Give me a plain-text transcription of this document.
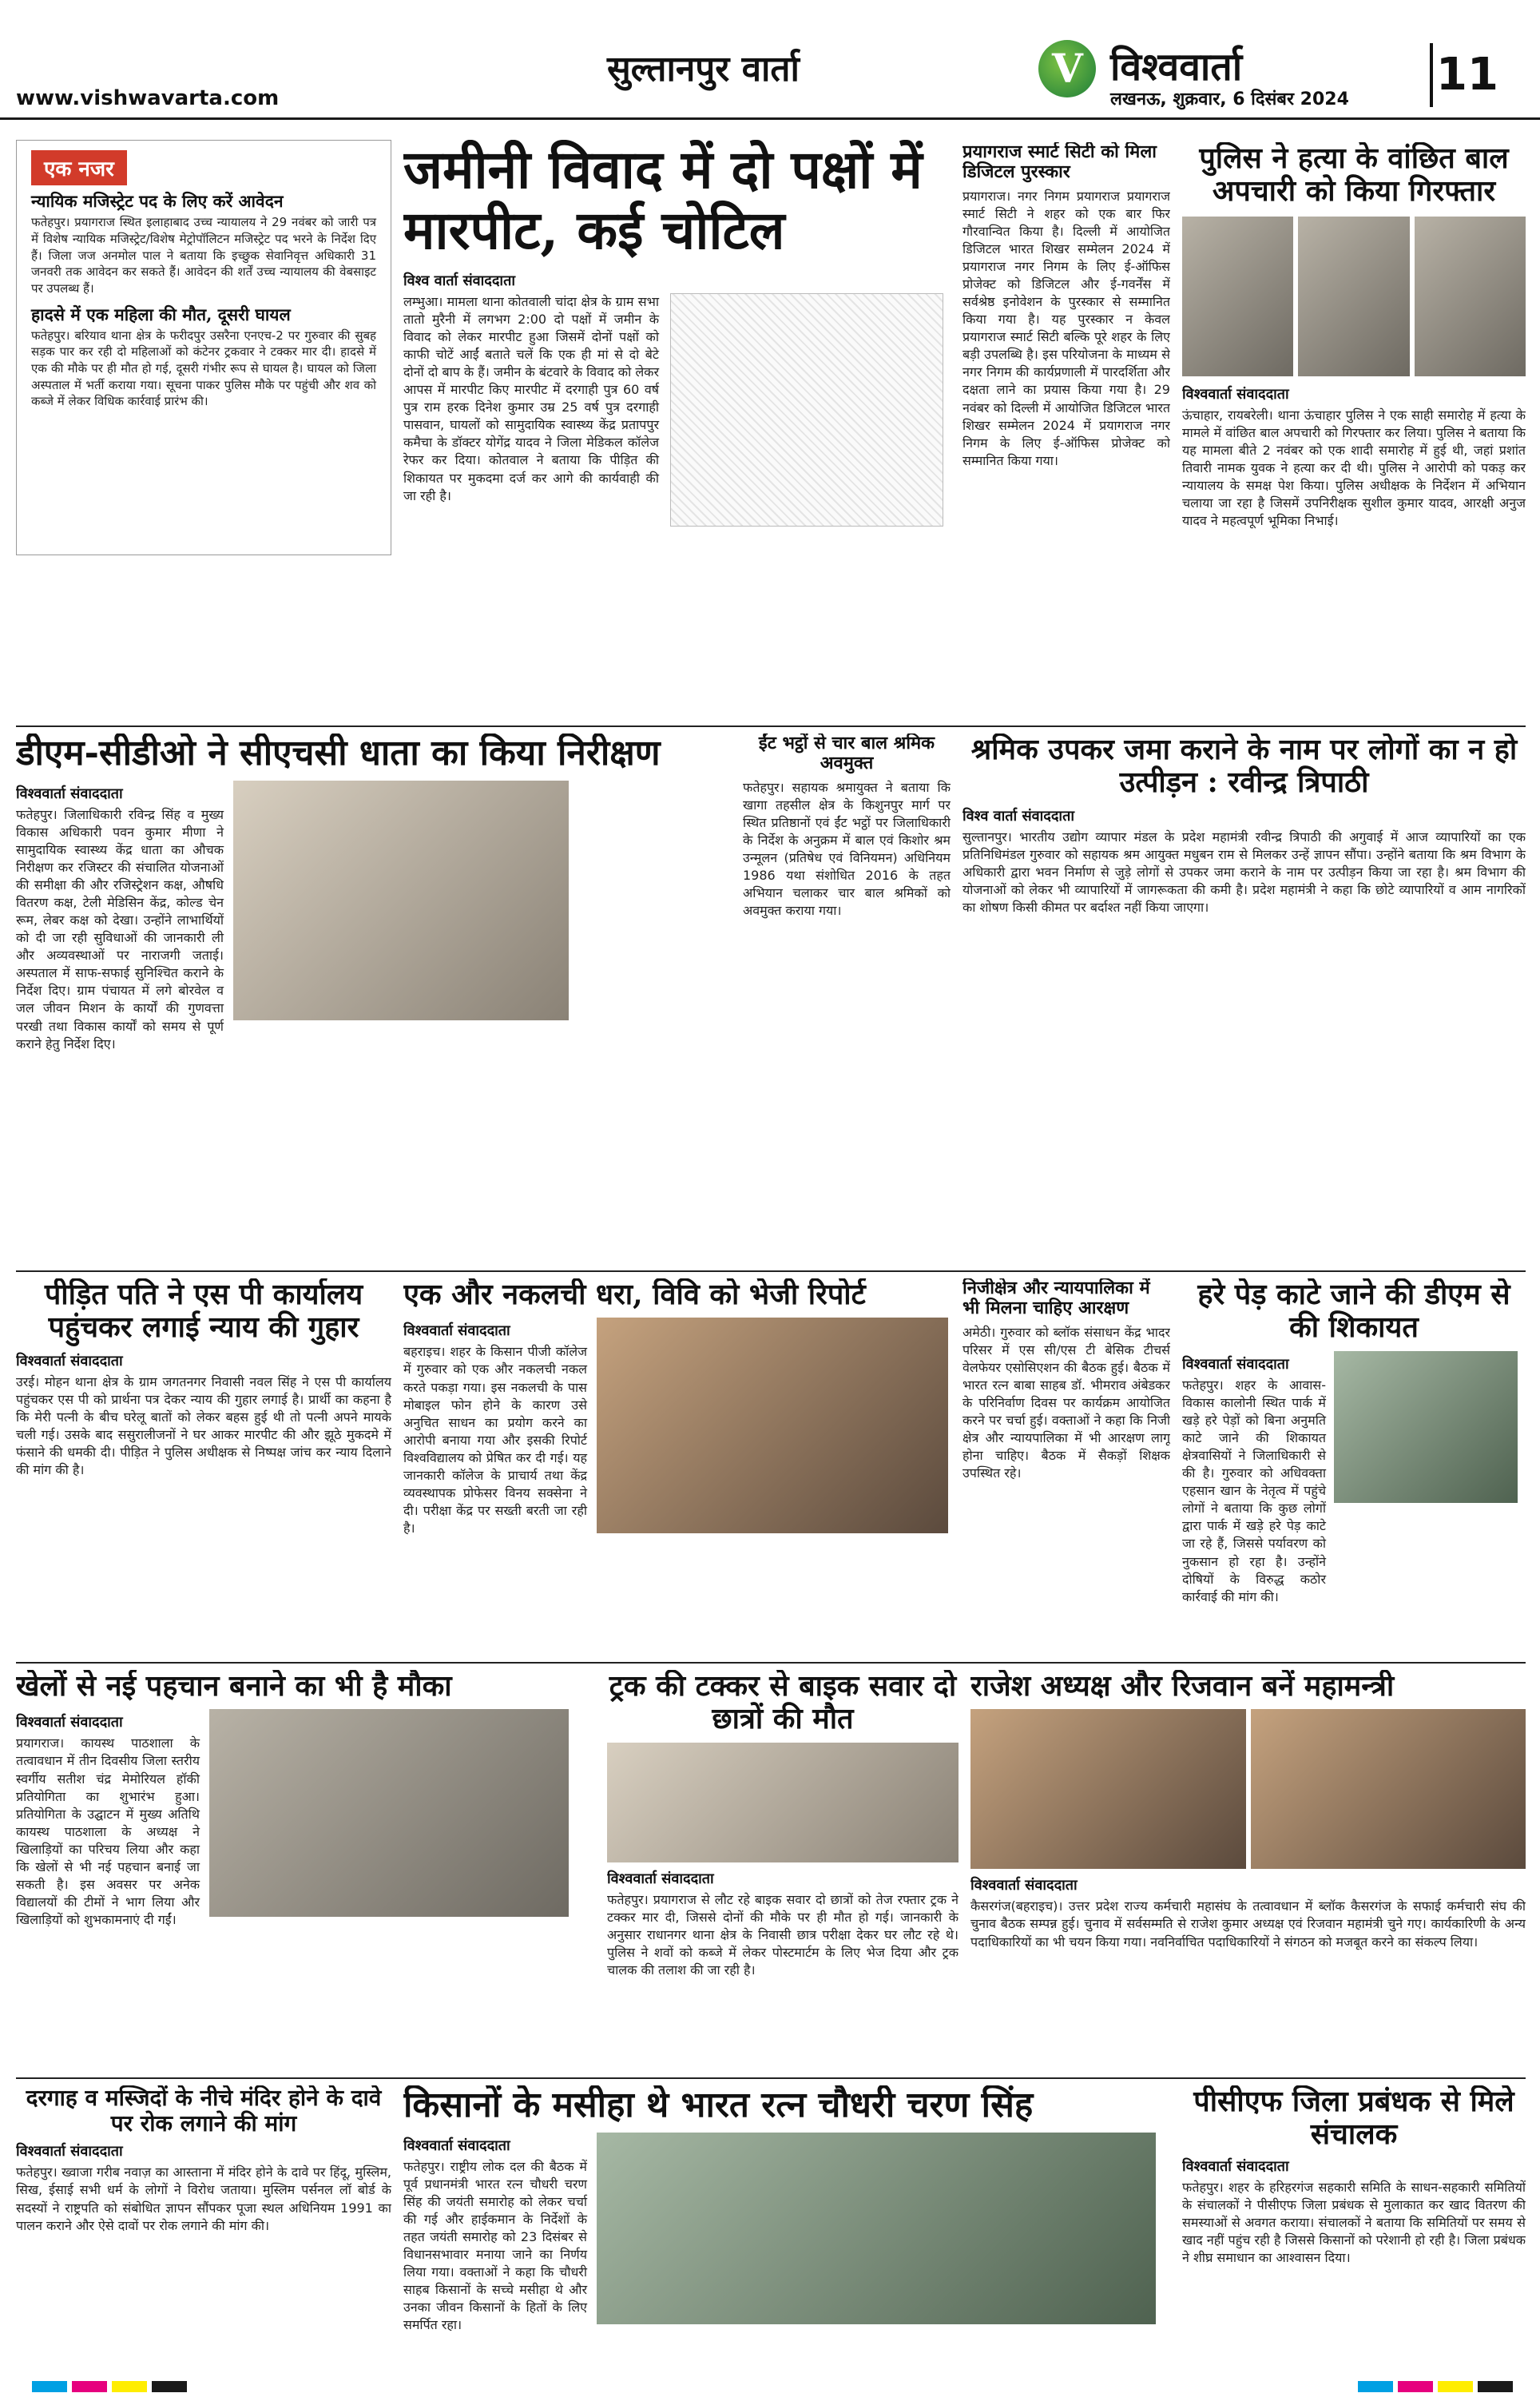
सुल्तानपुर वार्ता
www.vishwavarta.com
V विश्ववार्ता
लखनऊ, शुक्रवार, 6 दिसंबर 2024 11
एक नजर
न्यायिक मजिस्ट्रेट पद के लिए करें आवेदन
फतेहपुर। प्रयागराज स्थित इलाहाबाद उच्च न्यायालय ने 29 नवंबर को जारी पत्र में विशेष न्यायिक मजिस्ट्रेट/विशेष मेट्रोपॉलिटन मजिस्ट्रेट पद भरने के निर्देश दिए हैं। जिला जज अनमोल पाल ने बताया कि इच्छुक सेवानिवृत्त अधिकारी 31 जनवरी तक आवेदन कर सकते हैं। आवेदन की शर्तें उच्च न्यायालय की वेबसाइट पर उपलब्ध हैं।
हादसे में एक महिला की मौत, दूसरी घायल
फतेहपुर। बरियाव थाना क्षेत्र के फरीदपुर उसरैना एनएच-2 पर गुरुवार की सुबह सड़क पार कर रही दो महिलाओं को कंटेनर ट्रकवार ने टक्कर मार दी। हादसे में एक की मौके पर ही मौत हो गई, दूसरी गंभीर रूप से घायल है। घायल को जिला अस्पताल में भर्ती कराया गया। सूचना पाकर पुलिस मौके पर पहुंची और शव को कब्जे में लेकर विधिक कार्रवाई प्रारंभ की।
जमीनी विवाद में दो पक्षों में मारपीट, कई चोटिल
विश्व वार्ता संवाददाता
लम्भुआ। मामला थाना कोतवाली चांदा क्षेत्र के ग्राम सभा तातो मुरैनी में लगभग 2:00 दो पक्षों में जमीन के विवाद को लेकर मारपीट हुआ जिसमें दोनों पक्षों को काफी चोटें आईं बताते चलें कि एक ही मां से दो बेटे दोनों दो बाप के हैं। जमीन के बंटवारे के विवाद को लेकर आपस में मारपीट किए मारपीट में दरगाही पुत्र 60 वर्ष पुत्र राम हरक दिनेश कुमार उम्र 25 वर्ष पुत्र दरगाही पासवान, घायलों को सामुदायिक स्वास्थ्य केंद्र प्रतापपुर कमैचा के डॉक्टर योगेंद्र यादव ने जिला मेडिकल कॉलेज रेफर कर दिया। कोतवाल ने बताया कि पीड़ित की शिकायत पर मुकदमा दर्ज कर आगे की कार्यवाही की जा रही है।
प्रयागराज स्मार्ट सिटी को मिला डिजिटल पुरस्कार
प्रयागराज। नगर निगम प्रयागराज प्रयागराज स्मार्ट सिटी ने शहर को एक बार फिर गौरवान्वित किया है। दिल्ली में आयोजित डिजिटल भारत शिखर सम्मेलन 2024 में प्रयागराज नगर निगम के लिए ई-ऑफिस प्रोजेक्ट को डिजिटल और ई-गवर्नेंस में सर्वश्रेष्ठ इनोवेशन के पुरस्कार से सम्मानित किया गया है। यह पुरस्कार न केवल प्रयागराज स्मार्ट सिटी बल्कि पूरे शहर के लिए बड़ी उपलब्धि है। इस परियोजना के माध्यम से नगर निगम की कार्यप्रणाली में पारदर्शिता और दक्षता लाने का प्रयास किया गया है। 29 नवंबर को दिल्ली में आयोजित डिजिटल भारत शिखर सम्मेलन 2024 में प्रयागराज नगर निगम के लिए ई-ऑफिस प्रोजेक्ट को सम्मानित किया गया।
पुलिस ने हत्या के वांछित बाल अपचारी को किया गिरफ्तार
विश्ववार्ता संवाददाता
ऊंचाहार, रायबरेली। थाना ऊंचाहार पुलिस ने एक साही समारोह में हत्या के मामले में वांछित बाल अपचारी को गिरफ्तार कर लिया। पुलिस ने बताया कि यह मामला बीते 2 नवंबर को एक शादी समारोह में हुई थी, जहां प्रशांत तिवारी नामक युवक ने हत्या कर दी थी। पुलिस ने आरोपी को पकड़ कर न्यायालय के समक्ष पेश किया। पुलिस अधीक्षक के निर्देशन में अभियान चलाया जा रहा है जिसमें उपनिरीक्षक सुशील कुमार यादव, आरक्षी अनुज यादव ने महत्वपूर्ण भूमिका निभाई।
डीएम-सीडीओ ने सीएचसी धाता का किया निरीक्षण
विश्ववार्ता संवाददाता
फतेहपुर। जिलाधिकारी रविन्द्र सिंह व मुख्य विकास अधिकारी पवन कुमार मीणा ने सामुदायिक स्वास्थ्य केंद्र धाता का औचक निरीक्षण कर रजिस्टर की संचालित योजनाओं की समीक्षा की और रजिस्ट्रेशन कक्ष, औषधि वितरण कक्ष, टेली मेडिसिन केंद्र, कोल्ड चेन रूम, लेबर कक्ष को देखा। उन्होंने लाभार्थियों को दी जा रही सुविधाओं की जानकारी ली और अव्यवस्थाओं पर नाराजगी जताई। अस्पताल में साफ-सफाई सुनिश्चित कराने के निर्देश दिए। ग्राम पंचायत में लगे बोरवेल व जल जीवन मिशन के कार्यों की गुणवत्ता परखी तथा विकास कार्यों को समय से पूर्ण कराने हेतु निर्देश दिए।
ईंट भट्ठों से चार बाल श्रमिक अवमुक्त
फतेहपुर। सहायक श्रमायुक्त ने बताया कि खागा तहसील क्षेत्र के किशुनपुर मार्ग पर स्थित प्रतिष्ठानों एवं ईंट भट्ठों पर जिलाधिकारी के निर्देश के अनुक्रम में बाल एवं किशोर श्रम उन्मूलन (प्रतिषेध एवं विनियमन) अधिनियम 1986 यथा संशोधित 2016 के तहत अभियान चलाकर चार बाल श्रमिकों को अवमुक्त कराया गया।
श्रमिक उपकर जमा कराने के नाम पर लोगों का न हो उत्पीड़न : रवीन्द्र त्रिपाठी
विश्व वार्ता संवाददाता
सुल्तानपुर। भारतीय उद्योग व्यापार मंडल के प्रदेश महामंत्री रवीन्द्र त्रिपाठी की अगुवाई में आज व्यापारियों का एक प्रतिनिधिमंडल गुरुवार को सहायक श्रम आयुक्त मधुबन राम से मिलकर उन्हें ज्ञापन सौंपा। उन्होंने बताया कि श्रम विभाग के अधिकारी द्वारा भवन निर्माण से जुड़े लोगों से उपकर जमा कराने के नाम पर उत्पीड़न किया जा रहा है। श्रम विभाग की योजनाओं को लेकर भी व्यापारियों में जागरूकता की कमी है। प्रदेश महामंत्री ने कहा कि छोटे व्यापारियों व आम नागरिकों का शोषण किसी कीमत पर बर्दाश्त नहीं किया जाएगा।
पीड़ित पति ने एस पी कार्यालय पहुंचकर लगाई न्याय की गुहार
विश्ववार्ता संवाददाता
उरई। मोहन थाना क्षेत्र के ग्राम जगतनगर निवासी नवल सिंह ने एस पी कार्यालय पहुंचकर एस पी को प्रार्थना पत्र देकर न्याय की गुहार लगाई है। प्रार्थी का कहना है कि मेरी पत्नी के बीच घरेलू बातों को लेकर बहस हुई थी तो पत्नी अपने मायके चली गई। उसके बाद ससुरालीजनों ने घर आकर मारपीट की और झूठे मुकदमे में फंसाने की धमकी दी। पीड़ित ने पुलिस अधीक्षक से निष्पक्ष जांच कर न्याय दिलाने की मांग की है।
एक और नकलची धरा, विवि को भेजी रिपोर्ट
विश्ववार्ता संवाददाता
बहराइच। शहर के किसान पीजी कॉलेज में गुरुवार को एक और नकलची नकल करते पकड़ा गया। इस नकलची के पास मोबाइल फोन होने के कारण उसे अनुचित साधन का प्रयोग करने का आरोपी बनाया गया और इसकी रिपोर्ट विश्वविद्यालय को प्रेषित कर दी गई। यह जानकारी कॉलेज के प्राचार्य तथा केंद्र व्यवस्थापक प्रोफेसर विनय सक्सेना ने दी। परीक्षा केंद्र पर सख्ती बरती जा रही है।
निजीक्षेत्र और न्यायपालिका में भी मिलना चाहिए आरक्षण
अमेठी। गुरुवार को ब्लॉक संसाधन केंद्र भादर परिसर में एस सी/एस टी बेसिक टीचर्स वेलफेयर एसोसिएशन की बैठक हुई। बैठक में भारत रत्न बाबा साहब डॉ. भीमराव अंबेडकर के परिनिर्वाण दिवस पर कार्यक्रम आयोजित करने पर चर्चा हुई। वक्ताओं ने कहा कि निजी क्षेत्र और न्यायपालिका में भी आरक्षण लागू होना चाहिए। बैठक में सैकड़ों शिक्षक उपस्थित रहे।
हरे पेड़ काटे जाने की डीएम से की शिकायत
विश्ववार्ता संवाददाता
फतेहपुर। शहर के आवास-विकास कालोनी स्थित पार्क में खड़े हरे पेड़ों को बिना अनुमति काटे जाने की शिकायत क्षेत्रवासियों ने जिलाधिकारी से की है। गुरुवार को अधिवक्ता एहसान खान के नेतृत्व में पहुंचे लोगों ने बताया कि कुछ लोगों द्वारा पार्क में खड़े हरे पेड़ काटे जा रहे हैं, जिससे पर्यावरण को नुकसान हो रहा है। उन्होंने दोषियों के विरुद्ध कठोर कार्रवाई की मांग की।
खेलों से नई पहचान बनाने का भी है मौका
विश्ववार्ता संवाददाता
प्रयागराज। कायस्थ पाठशाला के तत्वावधान में तीन दिवसीय जिला स्तरीय स्वर्गीय सतीश चंद्र मेमोरियल हॉकी प्रतियोगिता का शुभारंभ हुआ। प्रतियोगिता के उद्घाटन में मुख्य अतिथि कायस्थ पाठशाला के अध्यक्ष ने खिलाड़ियों का परिचय लिया और कहा कि खेलों से भी नई पहचान बनाई जा सकती है। इस अवसर पर अनेक विद्यालयों की टीमों ने भाग लिया और खिलाड़ियों को शुभकामनाएं दी गईं।
ट्रक की टक्कर से बाइक सवार दो छात्रों की मौत
विश्ववार्ता संवाददाता
फतेहपुर। प्रयागराज से लौट रहे बाइक सवार दो छात्रों को तेज रफ्तार ट्रक ने टक्कर मार दी, जिससे दोनों की मौके पर ही मौत हो गई। जानकारी के अनुसार राधानगर थाना क्षेत्र के निवासी छात्र परीक्षा देकर घर लौट रहे थे। पुलिस ने शवों को कब्जे में लेकर पोस्टमार्टम के लिए भेज दिया और ट्रक चालक की तलाश की जा रही है।
राजेश अध्यक्ष और रिजवान बनें महामन्त्री
विश्ववार्ता संवाददाता
कैसरगंज(बहराइच)। उत्तर प्रदेश राज्य कर्मचारी महासंघ के तत्वावधान में ब्लॉक कैसरगंज के सफाई कर्मचारी संघ की चुनाव बैठक सम्पन्न हुई। चुनाव में सर्वसम्मति से राजेश कुमार अध्यक्ष एवं रिजवान महामंत्री चुने गए। कार्यकारिणी के अन्य पदाधिकारियों का भी चयन किया गया। नवनिर्वाचित पदाधिकारियों ने संगठन को मजबूत करने का संकल्प लिया।
दरगाह व मस्जिदों के नीचे मंदिर होने के दावे पर रोक लगाने की मांग
विश्ववार्ता संवाददाता
फतेहपुर। ख्वाजा गरीब नवाज़ का आस्ताना में मंदिर होने के दावे पर हिंदू, मुस्लिम, सिख, ईसाई सभी धर्म के लोगों ने विरोध जताया। मुस्लिम पर्सनल लॉ बोर्ड के सदस्यों ने राष्ट्रपति को संबोधित ज्ञापन सौंपकर पूजा स्थल अधिनियम 1991 का पालन कराने और ऐसे दावों पर रोक लगाने की मांग की।
किसानों के मसीहा थे भारत रत्न चौधरी चरण सिंह
विश्ववार्ता संवाददाता
फतेहपुर। राष्ट्रीय लोक दल की बैठक में पूर्व प्रधानमंत्री भारत रत्न चौधरी चरण सिंह की जयंती समारोह को लेकर चर्चा की गई और हाईकमान के निर्देशों के तहत जयंती समारोह को 23 दिसंबर से विधानसभावार मनाया जाने का निर्णय लिया गया। वक्ताओं ने कहा कि चौधरी साहब किसानों के सच्चे मसीहा थे और उनका जीवन किसानों के हितों के लिए समर्पित रहा।
पीसीएफ जिला प्रबंधक से मिले संचालक
विश्ववार्ता संवाददाता
फतेहपुर। शहर के हरिहरगंज सहकारी समिति के साधन-सहकारी समितियों के संचालकों ने पीसीएफ जिला प्रबंधक से मुलाकात कर खाद वितरण की समस्याओं से अवगत कराया। संचालकों ने बताया कि समितियों पर समय से खाद नहीं पहुंच रही है जिससे किसानों को परेशानी हो रही है। जिला प्रबंधक ने शीघ्र समाधान का आश्वासन दिया।
